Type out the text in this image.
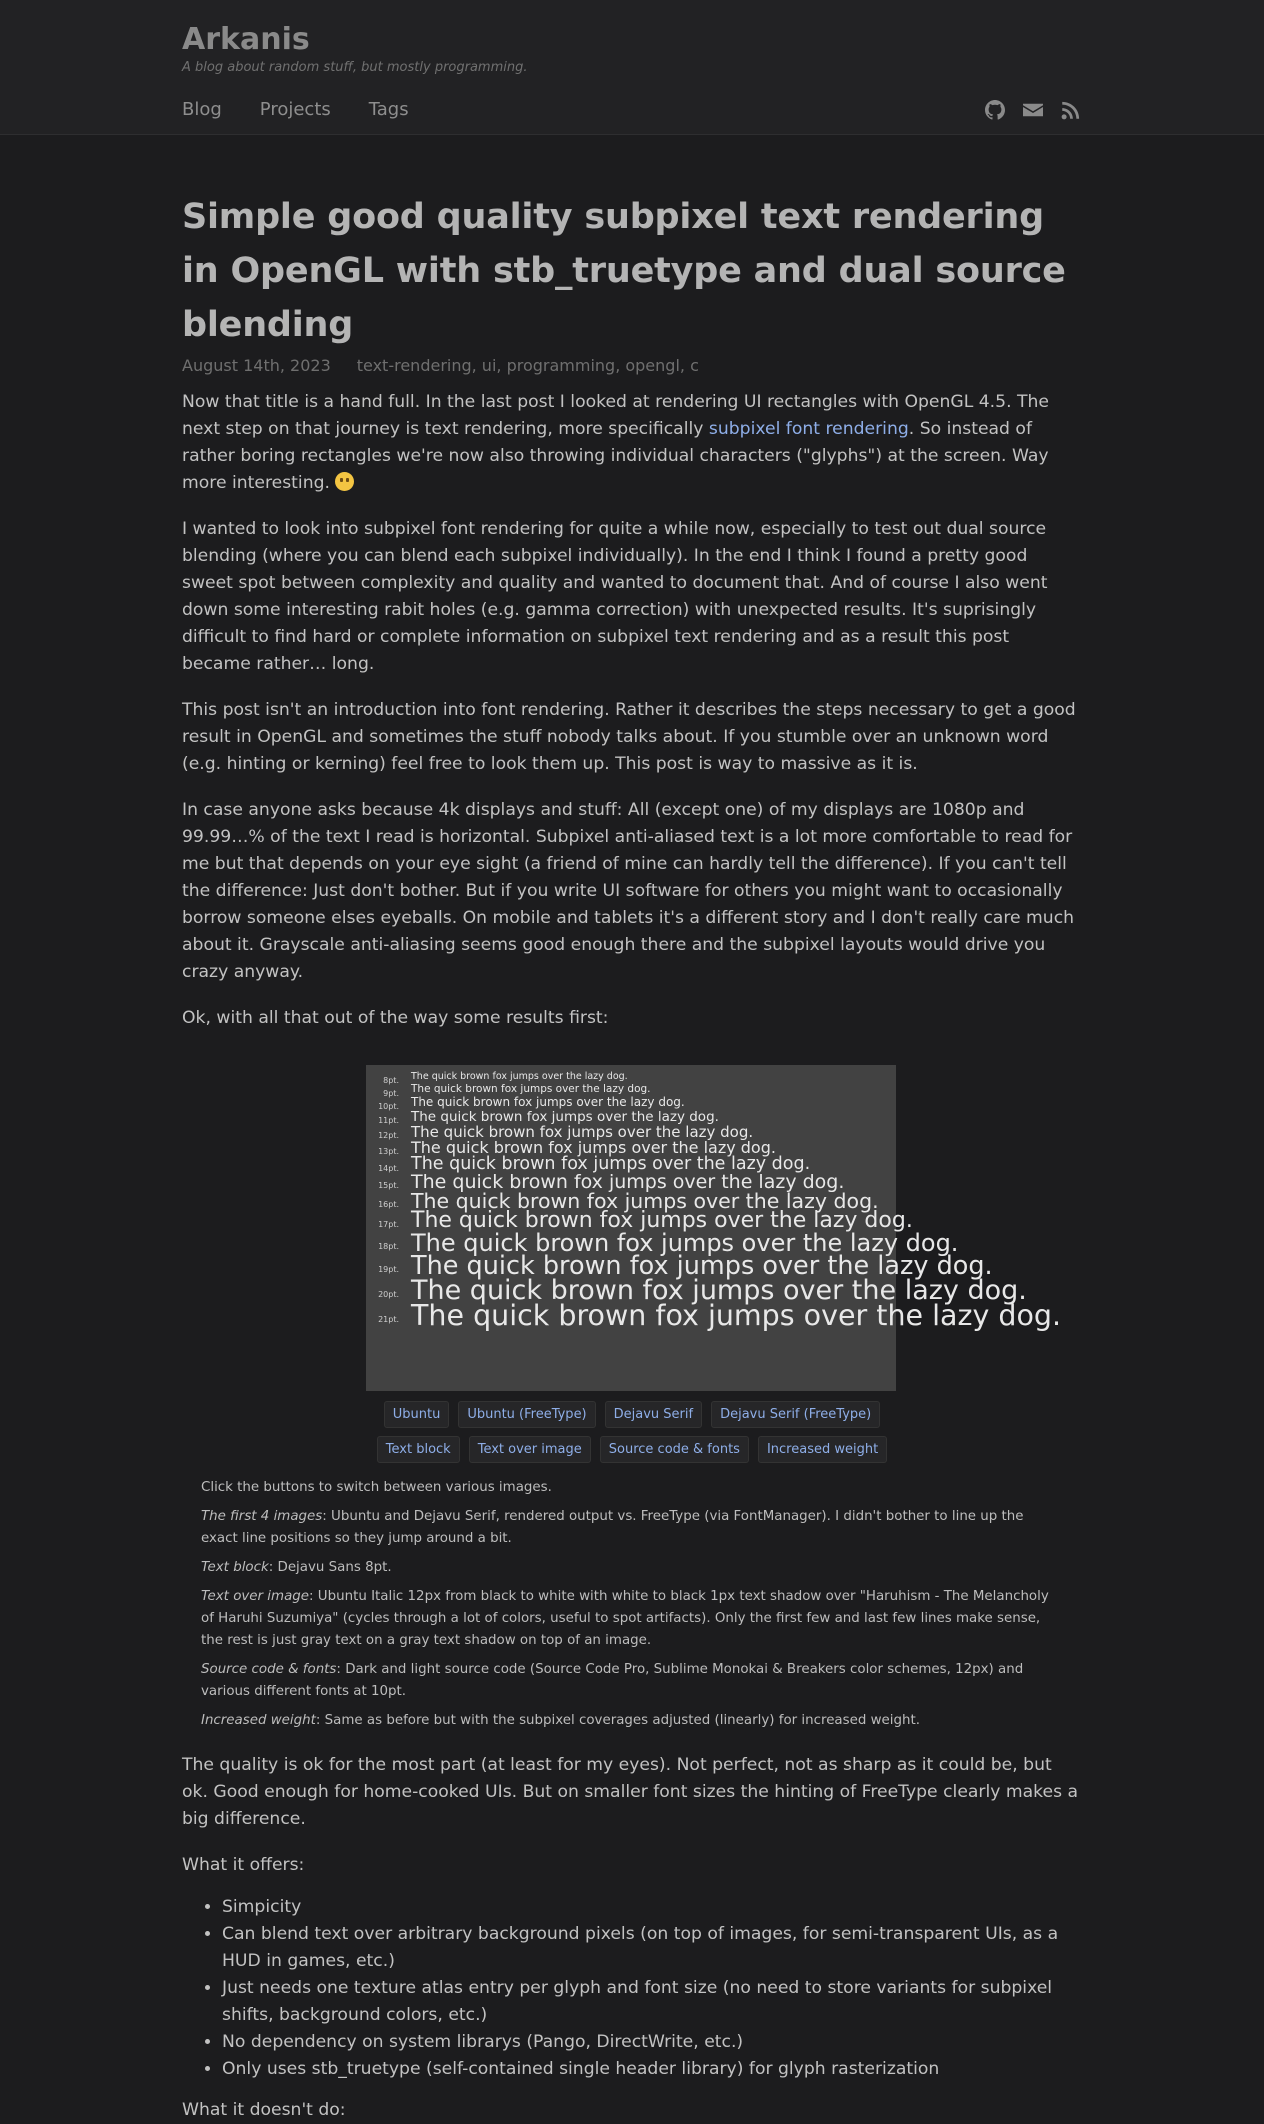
Arkanis
A blog about random stuff, but mostly programming.
Blog Projects Tags
Simple good quality subpixel text rendering in OpenGL with stb_truetype and dual source blending
August 14th, 2023 text-rendering, ui, programming, opengl, c

Now that title is a hand full. In the last post I looked at rendering UI rectangles with OpenGL 4.5. The next step on that journey is text rendering, more specifically subpixel font rendering. So instead of rather boring rectangles we're now also throwing individual characters ("glyphs") at the screen. Way more interesting.

I wanted to look into subpixel font rendering for quite a while now, especially to test out dual source blending (where you can blend each subpixel individually). In the end I think I found a pretty good sweet spot between complexity and quality and wanted to document that. And of course I also went down some interesting rabit holes (e.g. gamma correction) with unexpected results. It's suprisingly difficult to find hard or complete information on subpixel text rendering and as a result this post became rather… long.

This post isn't an introduction into font rendering. Rather it describes the steps necessary to get a good result in OpenGL and sometimes the stuff nobody talks about. If you stumble over an unknown word (e.g. hinting or kerning) feel free to look them up. This post is way to massive as it is.

In case anyone asks because 4k displays and stuff: All (except one) of my displays are 1080p and 99.99…% of the text I read is horizontal. Subpixel anti-aliased text is a lot more comfortable to read for me but that depends on your eye sight (a friend of mine can hardly tell the difference). If you can't tell the difference: Just don't bother. But if you write UI software for others you might want to occasionally borrow someone elses eyeballs. On mobile and tablets it's a different story and I don't really care much about it. Grayscale anti-aliasing seems good enough there and the subpixel layouts would drive you crazy anyway.

Ok, with all that out of the way some results first:

8pt. The quick brown fox jumps over the lazy dog.
9pt. The quick brown fox jumps over the lazy dog.
10pt. The quick brown fox jumps over the lazy dog.
11pt. The quick brown fox jumps over the lazy dog.
12pt. The quick brown fox jumps over the lazy dog.
13pt. The quick brown fox jumps over the lazy dog.
14pt. The quick brown fox jumps over the lazy dog.
15pt. The quick brown fox jumps over the lazy dog.
16pt. The quick brown fox jumps over the lazy dog.
17pt. The quick brown fox jumps over the lazy dog.
18pt. The quick brown fox jumps over the lazy dog.
19pt. The quick brown fox jumps over the lazy dog.
20pt. The quick brown fox jumps over the lazy dog.
21pt. The quick brown fox jumps over the lazy dog.
Ubuntu	Ubuntu (FreeType)	Dejavu Serif	Dejavu Serif (FreeType)
Text block	Text over image	Source code & fonts	Increased weight
Click the buttons to switch between various images.
The first 4 images: Ubuntu and Dejavu Serif, rendered output vs. FreeType (via FontManager). I didn't bother to line up the exact line positions so they jump around a bit.
Text block: Dejavu Sans 8pt.
Text over image: Ubuntu Italic 12px from black to white with white to black 1px text shadow over "Haruhism - The Melancholy of Haruhi Suzumiya" (cycles through a lot of colors, useful to spot artifacts). Only the first few and last few lines make sense, the rest is just gray text on a gray text shadow on top of an image.
Source code & fonts: Dark and light source code (Source Code Pro, Sublime Monokai & Breakers color schemes, 12px) and various different fonts at 10pt.
Increased weight: Same as before but with the subpixel coverages adjusted (linearly) for increased weight.

The quality is ok for the most part (at least for my eyes). Not perfect, not as sharp as it could be, but ok. Good enough for home-cooked UIs. But on smaller font sizes the hinting of FreeType clearly makes a big difference.

What it offers:

• Simpicity
• Can blend text over arbitrary background pixels (on top of images, for semi-transparent UIs, as a HUD in games, etc.)
• Just needs one texture atlas entry per glyph and font size (no need to store variants for subpixel shifts, background colors, etc.)
• No dependency on system librarys (Pango, DirectWrite, etc.)
• Only uses stb_truetype (self-contained single header library) for glyph rasterization

What it doesn't do:
